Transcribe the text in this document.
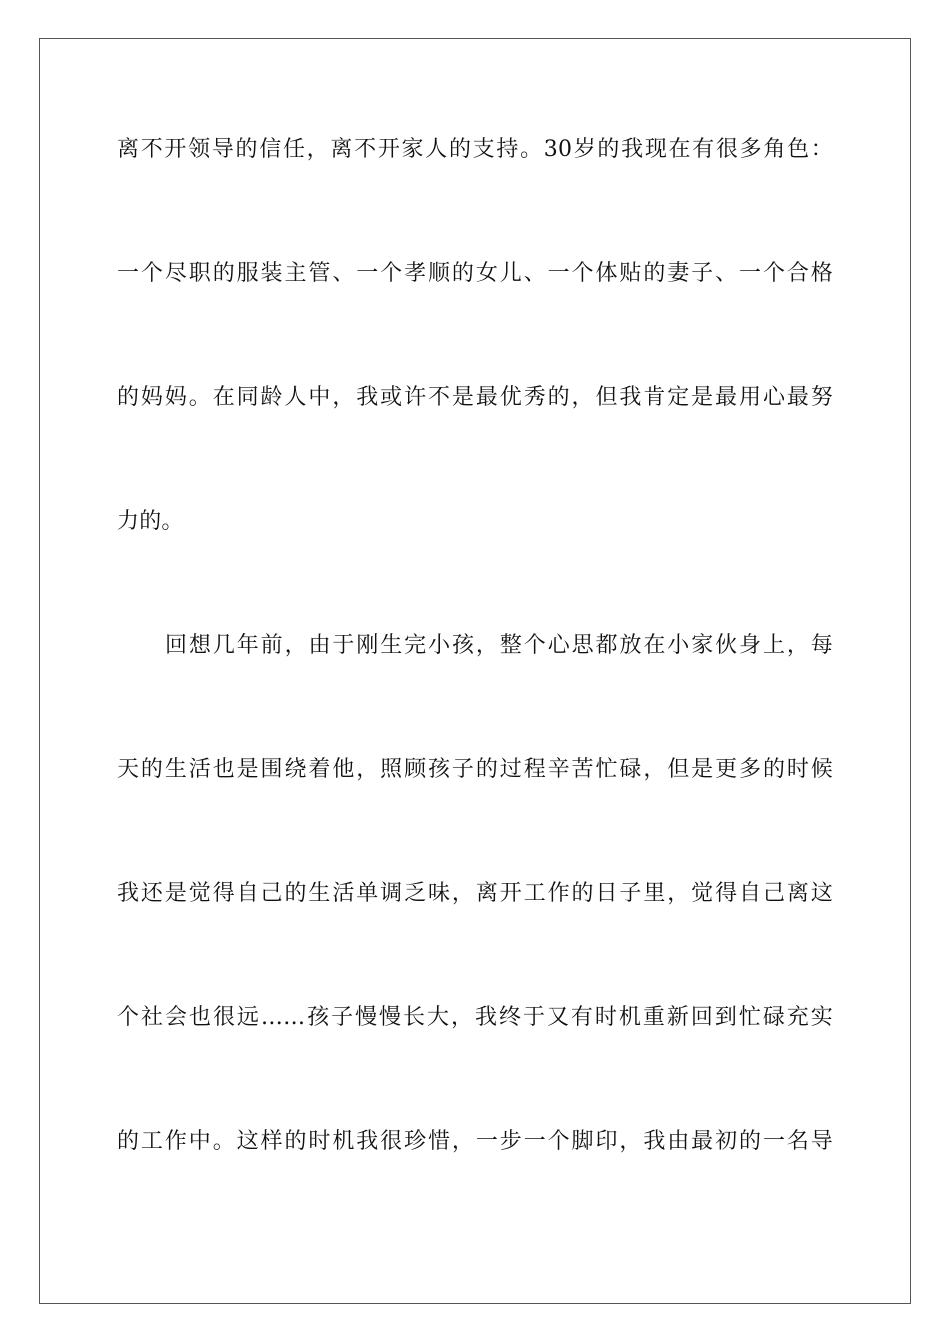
离不开领导的信任，离不开家人的支持。30岁的我现在有很多角色：
一个尽职的服装主管、一个孝顺的女儿、一个体贴的妻子、一个合格
的妈妈。在同龄人中，我或许不是最优秀的，但我肯定是最用心最努
力的。
回想几年前，由于刚生完小孩，整个心思都放在小家伙身上，每
天的生活也是围绕着他，照顾孩子的过程辛苦忙碌，但是更多的时候
我还是觉得自己的生活单调乏味，离开工作的日子里，觉得自己离这
个社会也很远……孩子慢慢长大，我终于又有时机重新回到忙碌充实
的工作中。这样的时机我很珍惜，一步一个脚印，我由最初的一名导
